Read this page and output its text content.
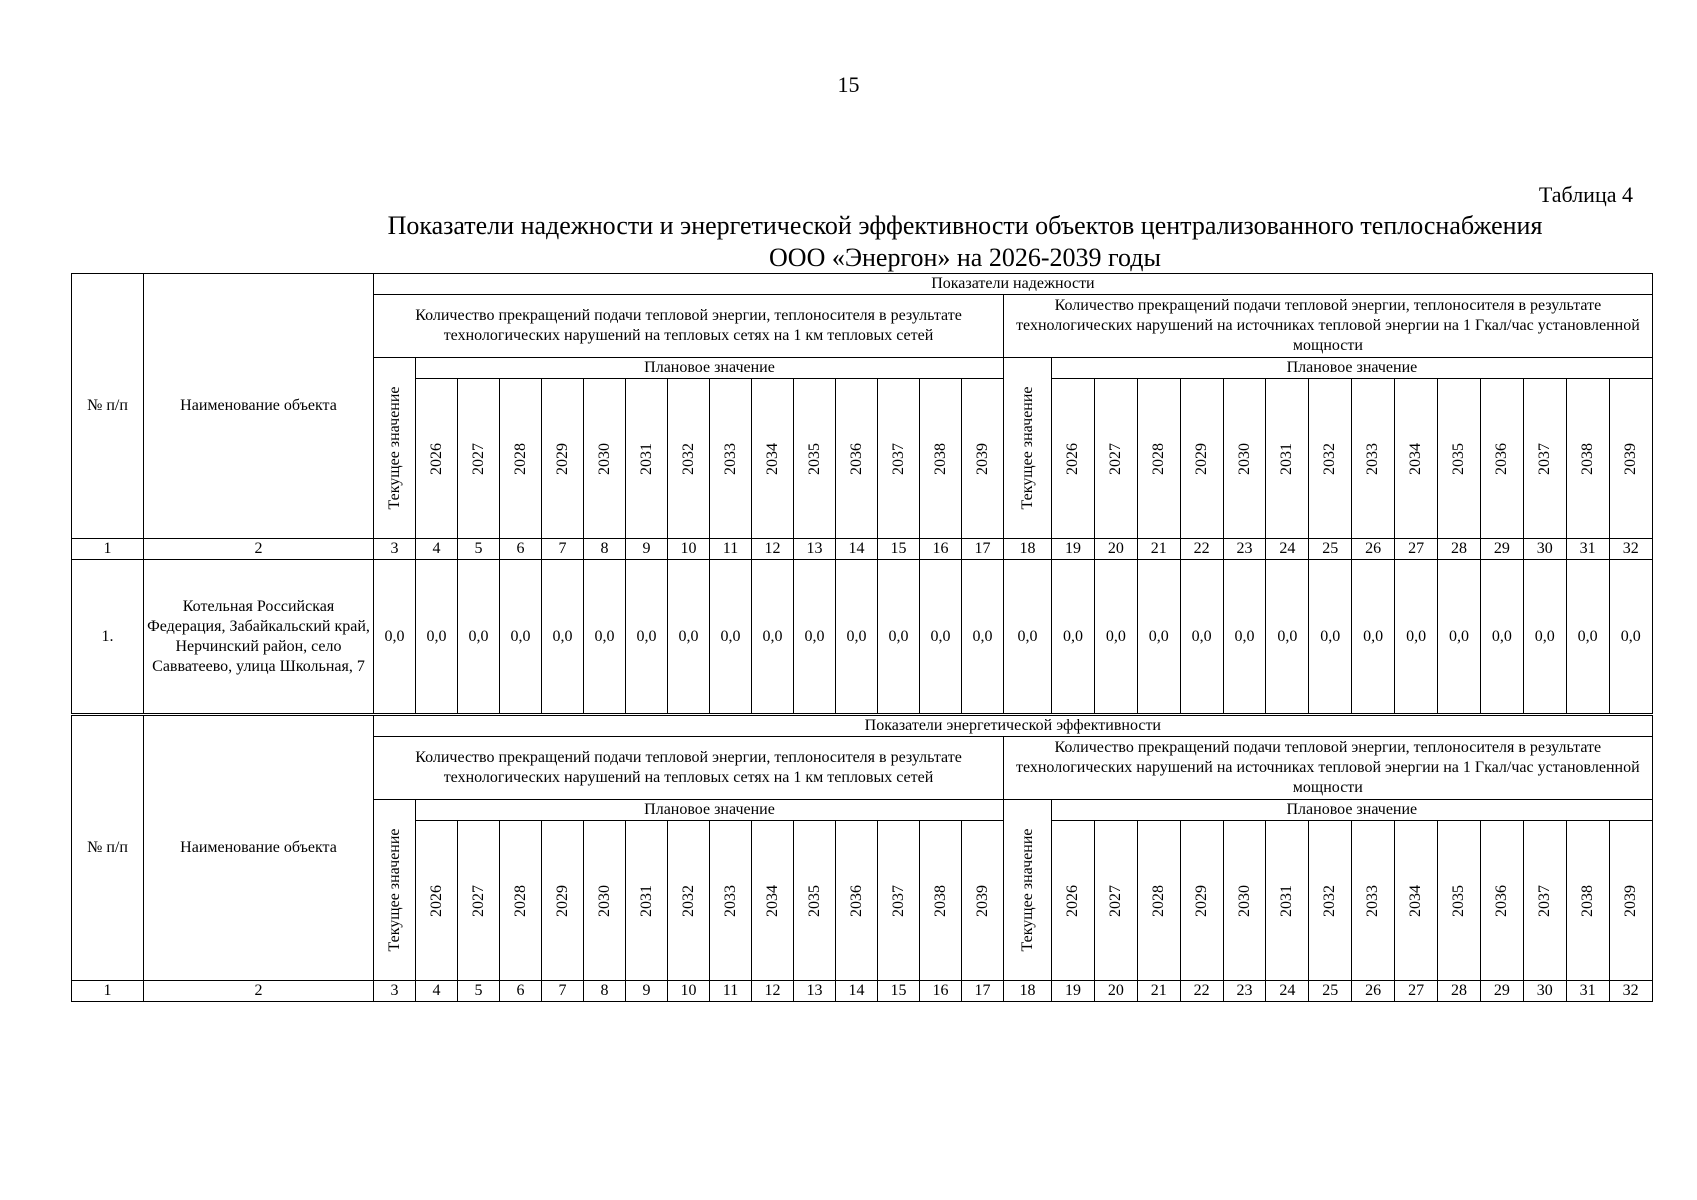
15
Таблица 4
Показатели надежности и энергетической эффективности объектов централизованного теплоснабжения
ООО «Энергон» на 2026-2039 годы
№ п/п	Наименование объекта	Показатели надежности																													
		Количество прекращений подачи тепловой энергии, теплоносителя в результате технологических нарушений на тепловых сетях на 1 км тепловых сетей															Количество прекращений подачи тепловой энергии, теплоносителя в результате технологических нарушений на источниках тепловой энергии на 1 Гкал/час установленной мощности														

		Текущее значение	Плановое значение														Текущее значение	Плановое значение													

			2026	2027	2028	2029	2030	2031	2032	2033	2034	2035	2036	2037	2038	2039		2026	2027	2028	2029	2030	2031	2032	2033	2034	2035	2036	2037	2038	2039

1	2	3	4	5	6	7	8	9	10	11	12	13	14	15	16	17	18	19	20	21	22	23	24	25	26	27	28	29	30	31	32
1.	Котельная Российская Федерация, Забайкальский край, Нерчинский район, село Савватеево, улица Школьная, 7	0,0	0,0	0,0	0,0	0,0	0,0	0,0	0,0	0,0	0,0	0,0	0,0	0,0	0,0	0,0	0,0	0,0	0,0	0,0	0,0	0,0	0,0	0,0	0,0	0,0	0,0	0,0	0,0	0,0	0,0
№ п/п	Наименование объекта	Показатели энергетической эффективности																													
		Количество прекращений подачи тепловой энергии, теплоносителя в результате технологических нарушений на тепловых сетях на 1 км тепловых сетей															Количество прекращений подачи тепловой энергии, теплоносителя в результате технологических нарушений на источниках тепловой энергии на 1 Гкал/час установленной мощности														

		Текущее значение	Плановое значение														Текущее значение	Плановое значение													

			2026	2027	2028	2029	2030	2031	2032	2033	2034	2035	2036	2037	2038	2039		2026	2027	2028	2029	2030	2031	2032	2033	2034	2035	2036	2037	2038	2039

1	2	3	4	5	6	7	8	9	10	11	12	13	14	15	16	17	18	19	20	21	22	23	24	25	26	27	28	29	30	31	32
